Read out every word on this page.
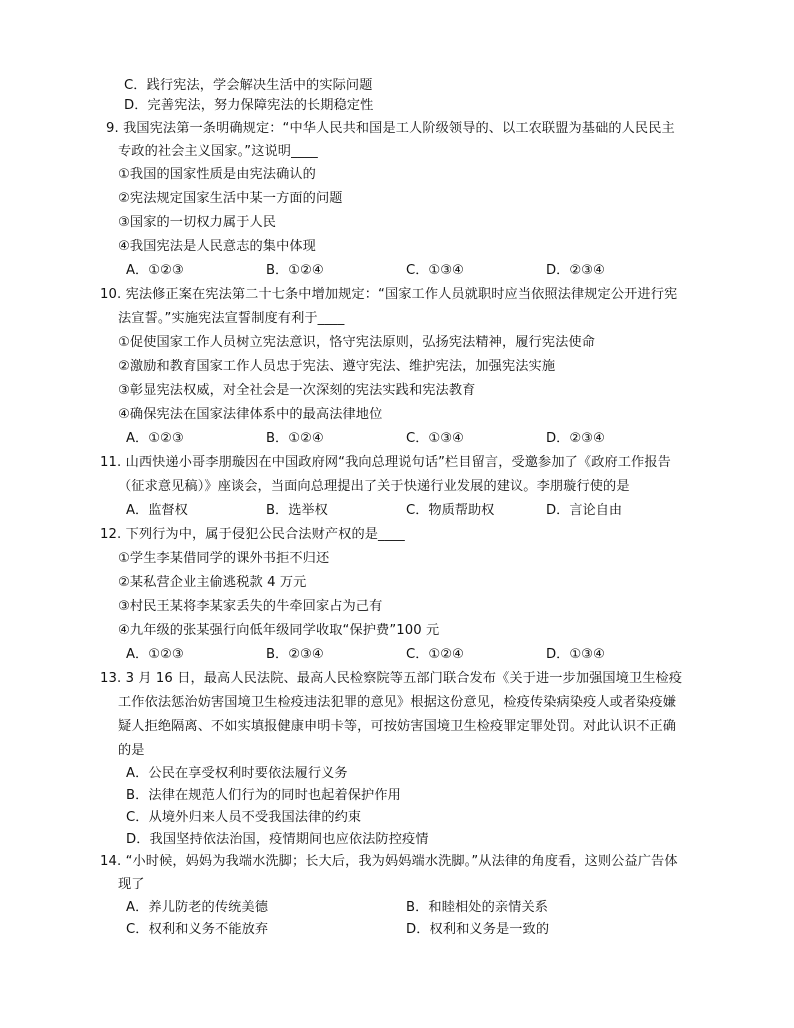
C．践行宪法，学会解决生活中的实际问题
D．完善宪法，努力保障宪法的长期稳定性
9. 我国宪法第一条明确规定：“中华人民共和国是工人阶级领导的、以工农联盟为基础的人民民主
专政的社会主义国家。”这说明____
①我国的国家性质是由宪法确认的
②宪法规定国家生活中某一方面的问题
③国家的一切权力属于人民
④我国宪法是人民意志的集中体现
A．①②③	B．①②④	C．①③④	D．②③④
10. 宪法修正案在宪法第二十七条中增加规定：“国家工作人员就职时应当依照法律规定公开进行宪
法宣誓。”实施宪法宣誓制度有利于____
①促使国家工作人员树立宪法意识，恪守宪法原则，弘扬宪法精神，履行宪法使命
②激励和教育国家工作人员忠于宪法、遵守宪法、维护宪法，加强宪法实施
③彰显宪法权威，对全社会是一次深刻的宪法实践和宪法教育
④确保宪法在国家法律体系中的最高法律地位
A．①②③	B．①②④	C．①③④	D．②③④
11. 山西快递小哥李朋璇因在中国政府网“我向总理说句话”栏目留言，受邀参加了《政府工作报告
（征求意见稿）》座谈会，当面向总理提出了关于快递行业发展的建议。李朋璇行使的是
A．监督权	B．选举权	C．物质帮助权	D．言论自由
12. 下列行为中，属于侵犯公民合法财产权的是____
①学生李某借同学的课外书拒不归还
②某私营企业主偷逃税款 4 万元
③村民王某将李某家丢失的牛牵回家占为己有
④九年级的张某强行向低年级同学收取“保护费”100 元
A．①②③	B．②③④	C．①②④	D．①③④
13. 3 月 16 日，最高人民法院、最高人民检察院等五部门联合发布《关于进一步加强国境卫生检疫
工作依法惩治妨害国境卫生检疫违法犯罪的意见》根据这份意见，检疫传染病染疫人或者染疫嫌
疑人拒绝隔离、不如实填报健康申明卡等，可按妨害国境卫生检疫罪定罪处罚。对此认识不正确
的是
A．公民在享受权利时要依法履行义务
B．法律在规范人们行为的同时也起着保护作用
C．从境外归来人员不受我国法律的约束
D．我国坚持依法治国，疫情期间也应依法防控疫情
14. “小时候，妈妈为我端水洗脚；长大后，我为妈妈端水洗脚。”从法律的角度看，这则公益广告体
现了
A．养儿防老的传统美德	B．和睦相处的亲情关系
C．权利和义务不能放弃	D．权利和义务是一致的
